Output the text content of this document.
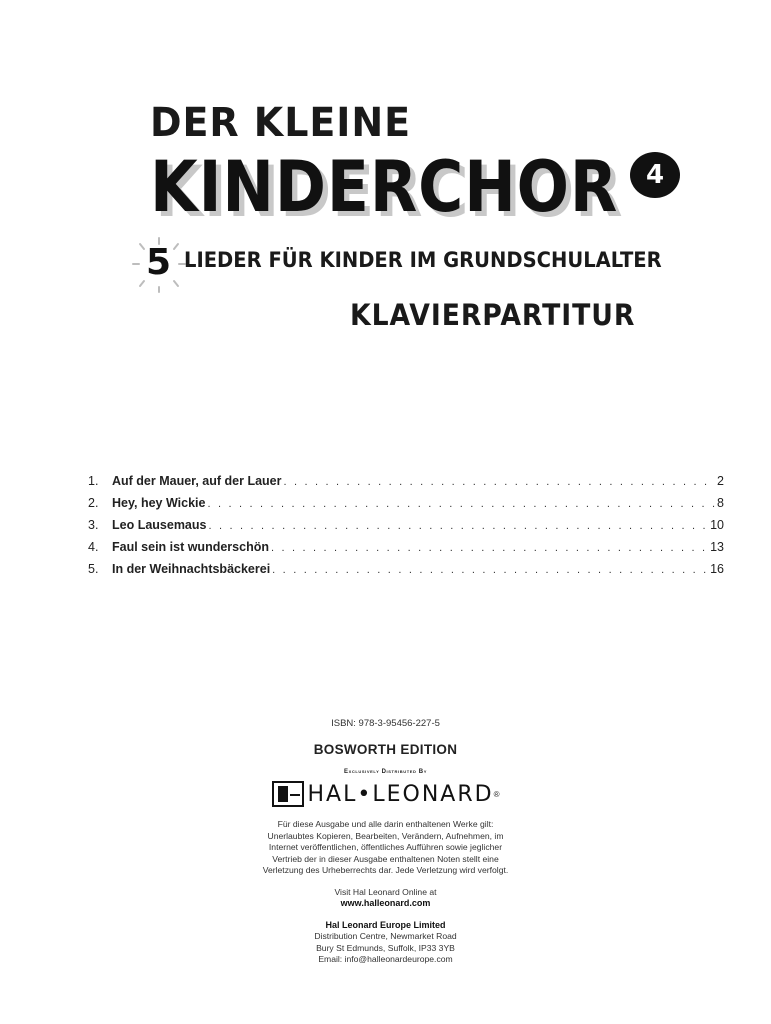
DER KLEINE
KINDERCHOR	4
5 LIEDER FÜR KINDER IM GRUNDSCHULALTER
KLAVIERPARTITUR
1.	Auf der Mauer, auf der Lauer . . .	2
2.	Hey, hey Wickie . . .	8
3.	Leo Lausemaus . . .	10
4.	Faul sein ist wunderschön . . .	13
5.	In der Weihnachtsbäckerei . . .	16
ISBN: 978-3-95456-227-5
BOSWORTH EDITION
Exclusively Distributed By
HAL•LEONARD ®
Für diese Ausgabe und alle darin enthaltenen Werke gilt:
Unerlaubtes Kopieren, Bearbeiten, Verändern, Aufnehmen, im
Internet veröffentlichen, öffentliches Aufführen sowie jeglicher
Vertrieb der in dieser Ausgabe enthaltenen Noten stellt eine
Verletzung des Urheberrechts dar. Jede Verletzung wird verfolgt.
Visit Hal Leonard Online at
www.halleonard.com
Hal Leonard Europe Limited
Distribution Centre, Newmarket Road
Bury St Edmunds, Suffolk, IP33 3YB
Email: info@halleonardeurope.com
